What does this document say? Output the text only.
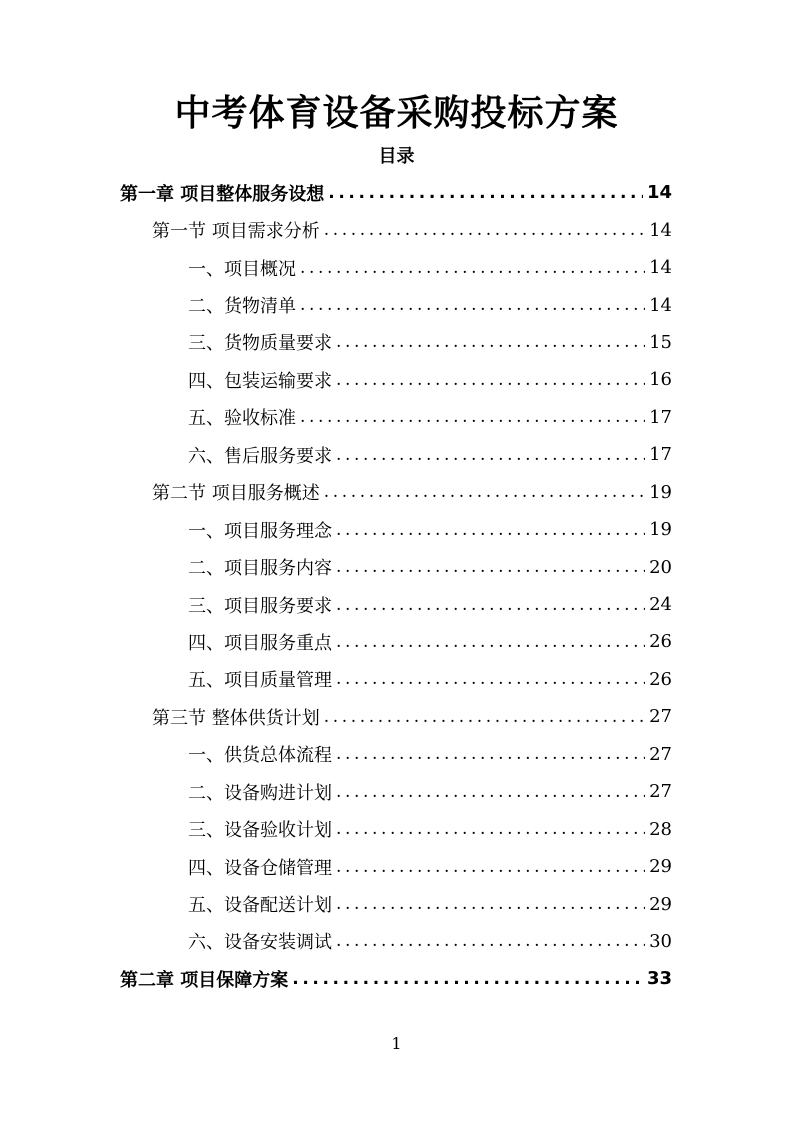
中考体育设备采购投标方案
目录
第一章 项目整体服务设想 .....	14
第一节 项目需求分析 .....	14
一、项目概况 .....	14
二、货物清单 .....	14
三、货物质量要求 .....	15
四、包装运输要求 .....	16
五、验收标准 .....	17
六、售后服务要求 .....	17
第二节 项目服务概述 .....	19
一、项目服务理念 .....	19
二、项目服务内容 .....	20
三、项目服务要求 .....	24
四、项目服务重点 .....	26
五、项目质量管理 .....	26
第三节 整体供货计划 .....	27
一、供货总体流程 .....	27
二、设备购进计划 .....	27
三、设备验收计划 .....	28
四、设备仓储管理 .....	29
五、设备配送计划 .....	29
六、设备安装调试 .....	30
第二章 项目保障方案 .....	33
1
